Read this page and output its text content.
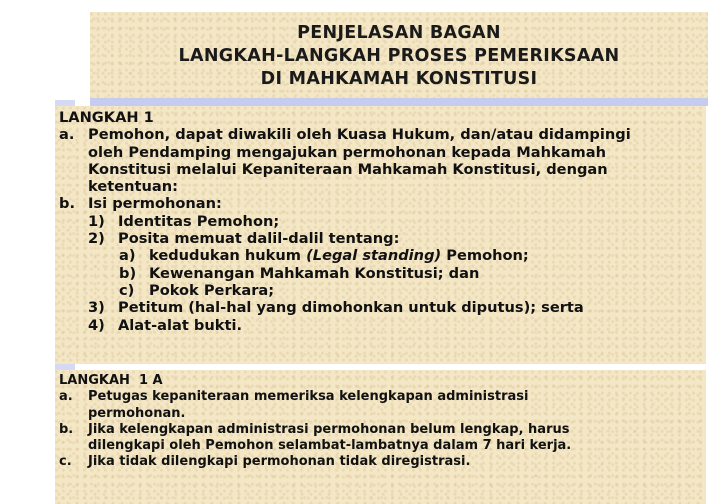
PENJELASAN BAGAN
LANGKAH-LANGKAH PROSES PEMERIKSAAN
DI MAHKAMAH KONSTITUSI
LANGKAH 1
a. Pemohon, dapat diwakili oleh Kuasa Hukum, dan/atau didampingi
oleh Pendamping mengajukan permohonan kepada Mahkamah
Konstitusi melalui Kepaniteraan Mahkamah Konstitusi, dengan
ketentuan:
b. Isi permohonan:
1) Identitas Pemohon;
2) Posita memuat dalil-dalil tentang:
a) kedudukan hukum (Legal standing) Pemohon;
b) Kewenangan Mahkamah Konstitusi; dan
c) Pokok Perkara;
3) Petitum (hal-hal yang dimohonkan untuk diputus); serta
4) Alat-alat bukti.
LANGKAH  1 A
a. Petugas kepaniteraan memeriksa kelengkapan administrasi
permohonan.
b. Jika kelengkapan administrasi permohonan belum lengkap, harus
dilengkapi oleh Pemohon selambat-lambatnya dalam 7 hari kerja.
c. Jika tidak dilengkapi permohonan tidak diregistrasi.
